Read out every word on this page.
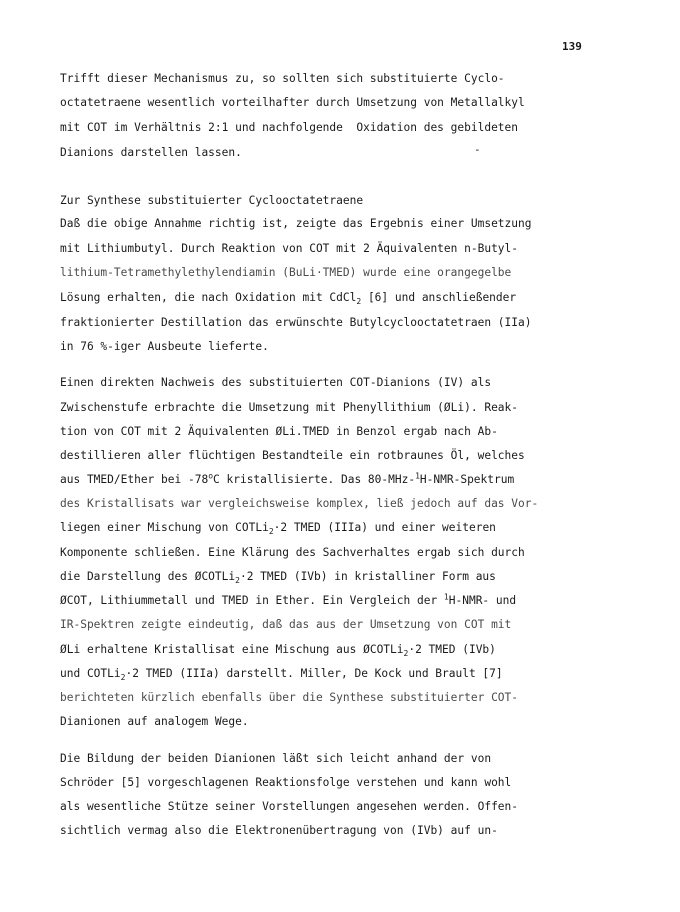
139
Trifft dieser Mechanismus zu, so sollten sich substituierte Cyclo-
octatetraene wesentlich vorteilhafter durch Umsetzung von Metallalkyl
mit COT im Verhältnis 2:1 und nachfolgende  Oxidation des gebildeten
Dianions darstellen lassen.	-
Zur Synthese substituierter Cyclooctatetraene
Daß die obige Annahme richtig ist, zeigte das Ergebnis einer Umsetzung
mit Lithiumbutyl. Durch Reaktion von COT mit 2 Äquivalenten n-Butyl-
lithium-Tetramethylethylendiamin (BuLi·TMED) wurde eine orangegelbe
Lösung erhalten, die nach Oxidation mit CdCl$_2$ [6] und anschließender
fraktionierter Destillation das erwünschte Butylcyclooctatetraen (IIa)
in 76 %-iger Ausbeute lieferte.
Einen direkten Nachweis des substituierten COT-Dianions (IV) als
Zwischenstufe erbrachte die Umsetzung mit Phenyllithium (ØLi). Reak-
tion von COT mit 2 Äquivalenten ØLi.TMED in Benzol ergab nach Ab-
destillieren aller flüchtigen Bestandteile ein rotbraunes Öl, welches
aus TMED/Ether bei -78$^o$C kristallisierte. Das 80-MHz-$^1$H-NMR-Spektrum
des Kristallisats war vergleichsweise komplex, ließ jedoch auf das Vor-
liegen einer Mischung von COTLi$_2$·2 TMED (IIIa) und einer weiteren
Komponente schließen. Eine Klärung des Sachverhaltes ergab sich durch
die Darstellung des ØCOTLi$_2$·2 TMED (IVb) in kristalliner Form aus
ØCOT, Lithiummetall und TMED in Ether. Ein Vergleich der $^1$H-NMR- und
IR-Spektren zeigte eindeutig, daß das aus der Umsetzung von COT mit
ØLi erhaltene Kristallisat eine Mischung aus ØCOTLi$_2$·2 TMED (IVb)
und COTLi$_2$·2 TMED (IIIa) darstellt. Miller, De Kock und Brault [7]
berichteten kürzlich ebenfalls über die Synthese substituierter COT-
Dianionen auf analogem Wege.
Die Bildung der beiden Dianionen läßt sich leicht anhand der von
Schröder [5] vorgeschlagenen Reaktionsfolge verstehen und kann wohl
als wesentliche Stütze seiner Vorstellungen angesehen werden. Offen-
sichtlich vermag also die Elektronenübertragung von (IVb) auf un-
